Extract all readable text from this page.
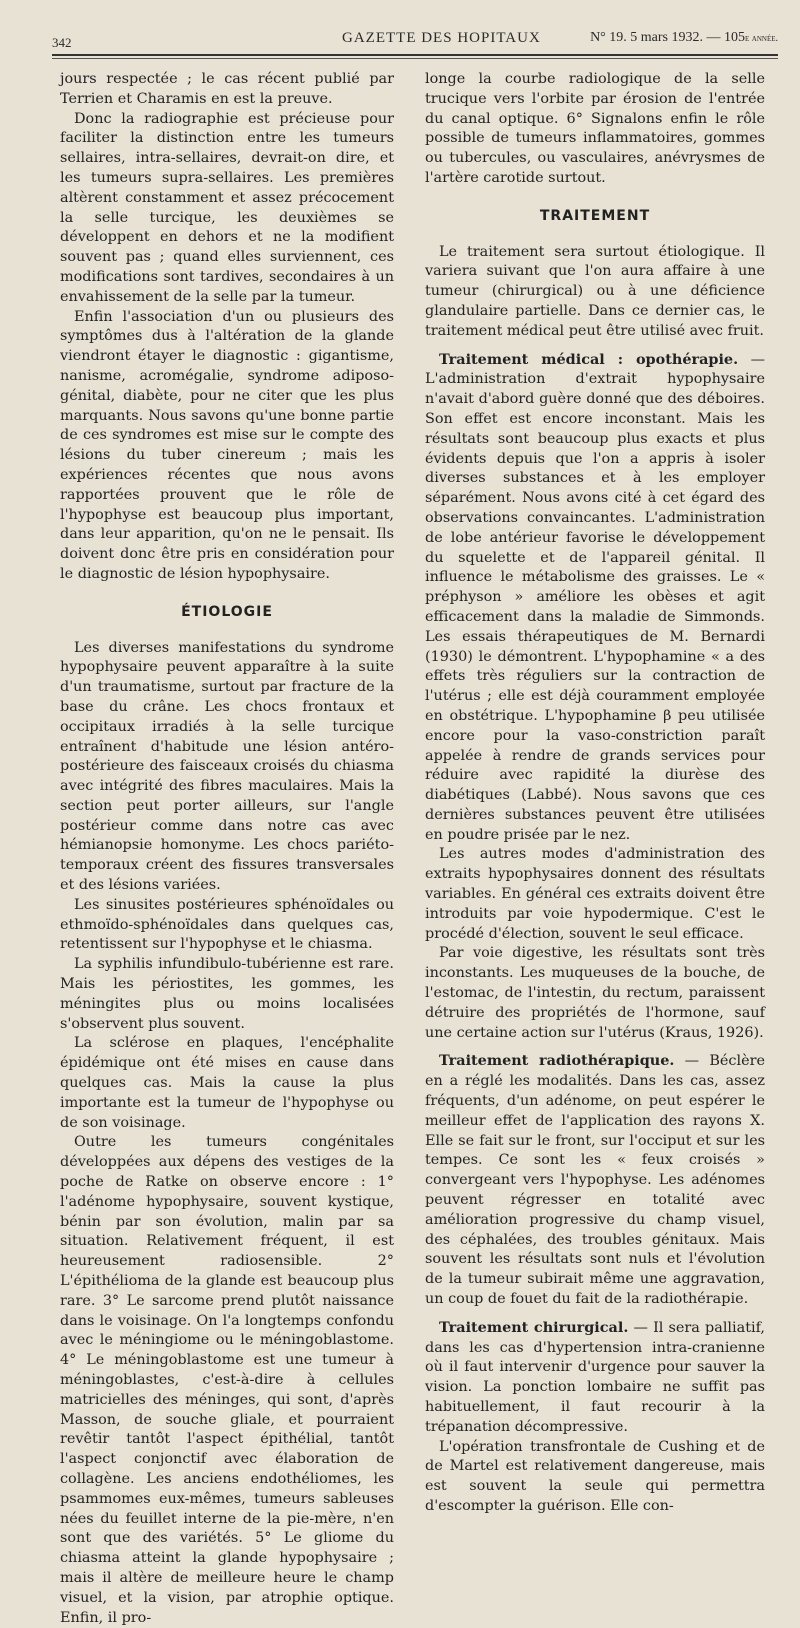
342	GAZETTE DES HOPITAUX	N° 19. 5 mars 1932. — 105e année.

jours respectée ; le cas récent publié par Terrien et Charamis en est la preuve.

Donc la radiographie est précieuse pour faciliter la distinction entre les tumeurs sellaires, intra-sellaires, devrait-on dire, et les tumeurs supra-sellaires. Les premières altèrent constamment et assez précocement la selle turcique, les deuxièmes se développent en dehors et ne la modifient souvent pas ; quand elles surviennent, ces modifications sont tardives, secondaires à un envahissement de la selle par la tumeur.

Enfin l'association d'un ou plusieurs des symptômes dus à l'altération de la glande viendront étayer le diagnostic : gigantisme, nanisme, acromégalie, syndrome adiposo-génital, diabète, pour ne citer que les plus marquants. Nous savons qu'une bonne partie de ces syndromes est mise sur le compte des lésions du tuber cinereum ; mais les expériences récentes que nous avons rapportées prouvent que le rôle de l'hypophyse est beaucoup plus important, dans leur apparition, qu'on ne le pensait. Ils doivent donc être pris en considération pour le diagnostic de lésion hypophysaire.

ÉTIOLOGIE

Les diverses manifestations du syndrome hypophysaire peuvent apparaître à la suite d'un traumatisme, surtout par fracture de la base du crâne. Les chocs frontaux et occipitaux irradiés à la selle turcique entraînent d'habitude une lésion antéro-postérieure des faisceaux croisés du chiasma avec intégrité des fibres maculaires. Mais la section peut porter ailleurs, sur l'angle postérieur comme dans notre cas avec hémianopsie homonyme. Les chocs pariéto-temporaux créent des fissures transversales et des lésions variées.

Les sinusites postérieures sphénoïdales ou ethmoïdo-sphénoïdales dans quelques cas, retentissent sur l'hypophyse et le chiasma.

La syphilis infundibulo-tubérienne est rare. Mais les périostites, les gommes, les méningites plus ou moins localisées s'observent plus souvent.

La sclérose en plaques, l'encéphalite épidémique ont été mises en cause dans quelques cas. Mais la cause la plus importante est la tumeur de l'hypophyse ou de son voisinage.

Outre les tumeurs congénitales développées aux dépens des vestiges de la poche de Ratke on observe encore : 1° l'adénome hypophysaire, souvent kystique, bénin par son évolution, malin par sa situation. Relativement fréquent, il est heureusement radiosensible. 2° L'épithélioma de la glande est beaucoup plus rare. 3° Le sarcome prend plutôt naissance dans le voisinage. On l'a longtemps confondu avec le méningiome ou le méningoblastome. 4° Le méningoblastome est une tumeur à méningoblastes, c'est-à-dire à cellules matricielles des méninges, qui sont, d'après Masson, de souche gliale, et pourraient revêtir tantôt l'aspect épithélial, tantôt l'aspect conjonctif avec élaboration de collagène. Les anciens endothéliomes, les psammomes eux-mêmes, tumeurs sableuses nées du feuillet interne de la pie-mère, n'en sont que des variétés. 5° Le gliome du chiasma atteint la glande hypophysaire ; mais il altère de meilleure heure le champ visuel, et la vision, par atrophie optique. Enfin, il pro-

longe la courbe radiologique de la selle trucique vers l'orbite par érosion de l'entrée du canal optique. 6° Signalons enfin le rôle possible de tumeurs inflammatoires, gommes ou tubercules, ou vasculaires, anévrysmes de l'artère carotide surtout.

TRAITEMENT

Le traitement sera surtout étiologique. Il variera suivant que l'on aura affaire à une tumeur (chirurgical) ou à une déficience glandulaire partielle. Dans ce dernier cas, le traitement médical peut être utilisé avec fruit.

Traitement médical : opothérapie. — L'administration d'extrait hypophysaire n'avait d'abord guère donné que des déboires. Son effet est encore inconstant. Mais les résultats sont beaucoup plus exacts et plus évidents depuis que l'on a appris à isoler diverses substances et à les employer séparément. Nous avons cité à cet égard des observations convaincantes. L'administration de lobe antérieur favorise le développement du squelette et de l'appareil génital. Il influence le métabolisme des graisses. Le « préphyson » améliore les obèses et agit efficacement dans la maladie de Simmonds. Les essais thérapeutiques de M. Bernardi (1930) le démontrent. L'hypophamine « a des effets très réguliers sur la contraction de l'utérus ; elle est déjà couramment employée en obstétrique. L'hypophamine β peu utilisée encore pour la vaso-constriction paraît appelée à rendre de grands services pour réduire avec rapidité la diurèse des diabétiques (Labbé). Nous savons que ces dernières substances peuvent être utilisées en poudre prisée par le nez.

Les autres modes d'administration des extraits hypophysaires donnent des résultats variables. En général ces extraits doivent être introduits par voie hypodermique. C'est le procédé d'élection, souvent le seul efficace.

Par voie digestive, les résultats sont très inconstants. Les muqueuses de la bouche, de l'estomac, de l'intestin, du rectum, paraissent détruire des propriétés de l'hormone, sauf une certaine action sur l'utérus (Kraus, 1926).

Traitement radiothérapique. — Béclère en a réglé les modalités. Dans les cas, assez fréquents, d'un adénome, on peut espérer le meilleur effet de l'application des rayons X. Elle se fait sur le front, sur l'occiput et sur les tempes. Ce sont les « feux croisés » convergeant vers l'hypophyse. Les adénomes peuvent régresser en totalité avec amélioration progressive du champ visuel, des céphalées, des troubles génitaux. Mais souvent les résultats sont nuls et l'évolution de la tumeur subirait même une aggravation, un coup de fouet du fait de la radiothérapie.

Traitement chirurgical. — Il sera palliatif, dans les cas d'hypertension intra-cranienne où il faut intervenir d'urgence pour sauver la vision. La ponction lombaire ne suffit pas habituellement, il faut recourir à la trépanation décompressive.

L'opération transfrontale de Cushing et de de Martel est relativement dangereuse, mais est souvent la seule qui permettra d'escompter la guérison. Elle con-
